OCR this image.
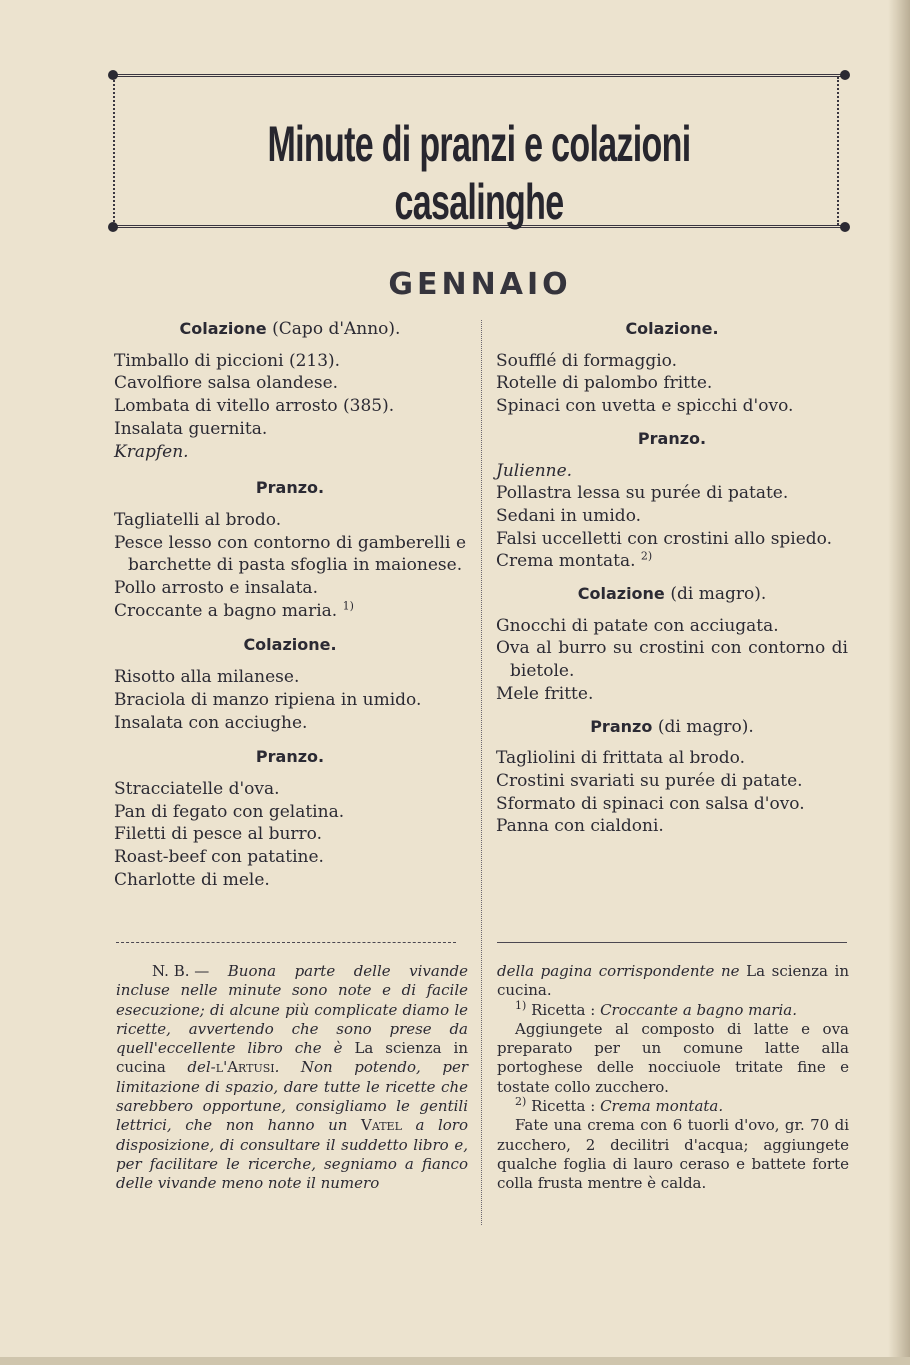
Minute di pranzi e colazioni casalinghe
GENNAIO
Colazione (Capo d'Anno).
Timballo di piccioni (213).
Cavolfiore salsa olandese.
Lombata di vitello arrosto (385).
Insalata guernita.
Krapfen.
Pranzo.
Tagliatelli al brodo.
Pesce lesso con contorno di gamberelli e barchette di pasta sfoglia in maionese.
Pollo arrosto e insalata.
Croccante a bagno maria. $^{1)}$
Colazione.
Risotto alla milanese.
Braciola di manzo ripiena in umido.
Insalata con acciughe.
Pranzo.
Stracciatelle d'ova.
Pan di fegato con gelatina.
Filetti di pesce al burro.
Roast-beef con patatine.
Charlotte di mele.
Colazione.
Soufflé di formaggio.
Rotelle di palombo fritte.
Spinaci con uvetta e spicchi d'ovo.
Pranzo.
Julienne.
Pollastra lessa su purée di patate.
Sedani in umido.
Falsi uccelletti con crostini allo spiedo.
Crema montata. $^{2)}$
Colazione (di magro).
Gnocchi di patate con acciugata.
Ova al burro su crostini con contorno di bietole.
Mele fritte.
Pranzo (di magro).
Tagliolini di frittata al brodo.
Crostini svariati su purée di patate.
Sformato di spinaci con salsa d'ovo.
Panna con cialdoni.
N. B. — Buona parte delle vivande incluse nelle minute sono note e di facile esecuzione; di alcune più complicate diamo le ricette, avvertendo che sono prese da quell'eccellente libro che è La scienza in cucina del-l'Artusi. Non potendo, per limitazione di spazio, dare tutte le ricette che sarebbero opportune, consigliamo le gentili lettrici, che non hanno un Vatel a loro disposizione, di consultare il suddetto libro e, per facilitare le ricerche, segniamo a fianco delle vivande meno note il numero
della pagina corrispondente ne La scienza in cucina.
$^{1)}$ Ricetta : Croccante a bagno maria.
Aggiungete al composto di latte e ova preparato per un comune latte alla portoghese delle nocciuole tritate fine e tostate collo zucchero.
$^{2)}$ Ricetta : Crema montata.
Fate una crema con 6 tuorli d'ovo, gr. 70 di zucchero, 2 decilitri d'acqua; aggiungete qualche foglia di lauro ceraso e battete forte colla frusta mentre è calda.
